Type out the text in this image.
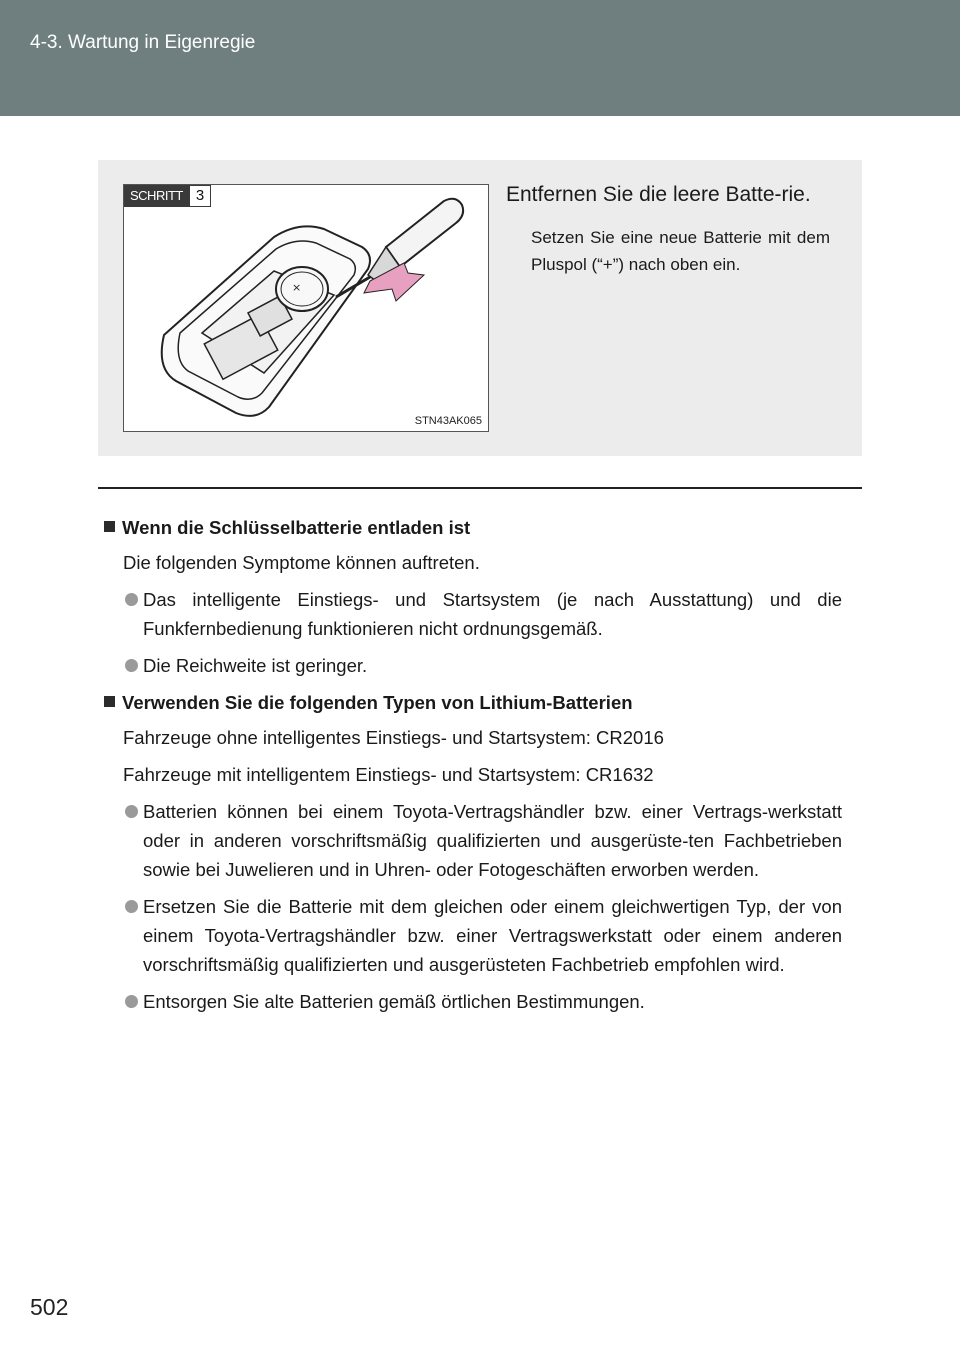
4-3. Wartung in Eigenregie
×
SCHRITT 3
STN43AK065

Entfernen Sie die leere Batte-rie.

Setzen Sie eine neue Batterie mit dem Pluspol (“+”) nach oben ein.

Wenn die Schlüsselbatterie entladen ist

Die folgenden Symptome können auftreten.

Das intelligente Einstiegs- und Startsystem (je nach Ausstattung) und die Funkfernbedienung funktionieren nicht ordnungsgemäß.
Die Reichweite ist geringer.
Verwenden Sie die folgenden Typen von Lithium-Batterien

Fahrzeuge ohne intelligentes Einstiegs- und Startsystem: CR2016

Fahrzeuge mit intelligentem Einstiegs- und Startsystem: CR1632

Batterien können bei einem Toyota-Vertragshändler bzw. einer Vertrags-werkstatt oder in anderen vorschriftsmäßig qualifizierten und ausgerüste-ten Fachbetrieben sowie bei Juwelieren und in Uhren- oder Fotogeschäften erworben werden.
Ersetzen Sie die Batterie mit dem gleichen oder einem gleichwertigen Typ, der von einem Toyota-Vertragshändler bzw. einer Vertragswerkstatt oder einem anderen vorschriftsmäßig qualifizierten und ausgerüsteten Fachbetrieb empfohlen wird.
Entsorgen Sie alte Batterien gemäß örtlichen Bestimmungen.
502
